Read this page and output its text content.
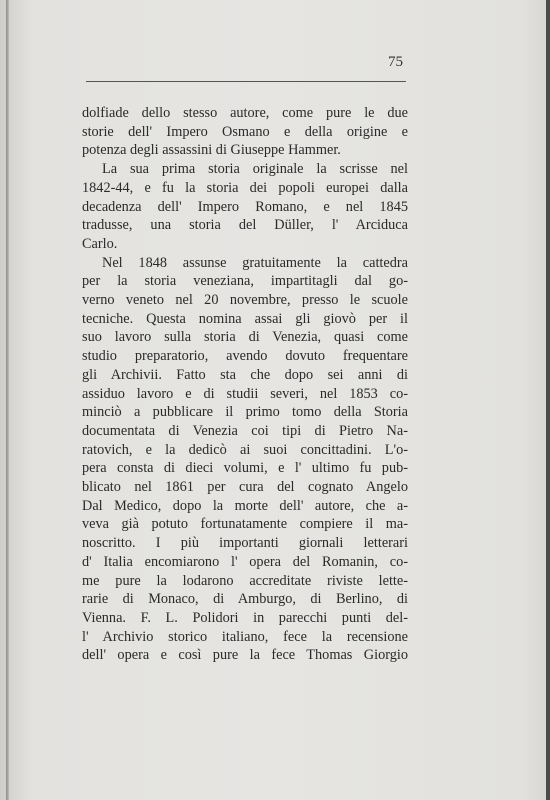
75
dolfiade dello stesso autore, come pure le due
storie dell' Impero Osmano e della origine e
potenza degli assassini di Giuseppe Hammer.
La sua prima storia originale la scrisse nel
1842-44, e fu la storia dei popoli europei dalla
decadenza dell' Impero Romano, e nel 1845
tradusse, una storia del Düller, l' Arciduca
Carlo.
Nel 1848 assunse gratuitamente la cattedra
per la storia veneziana, impartitagli dal go-
verno veneto nel 20 novembre, presso le scuole
tecniche. Questa nomina assai gli giovò per il
suo lavoro sulla storia di Venezia, quasi come
studio preparatorio, avendo dovuto frequentare
gli Archivii. Fatto sta che dopo sei anni di
assiduo lavoro e di studii severi, nel 1853 co-
minciò a pubblicare il primo tomo della Storia
documentata di Venezia coi tipi di Pietro Na-
ratovich, e la dedicò ai suoi concittadini. L'o-
pera consta di dieci volumi, e l' ultimo fu pub-
blicato nel 1861 per cura del cognato Angelo
Dal Medico, dopo la morte dell' autore, che a-
veva già potuto fortunatamente compiere il ma-
noscritto. I più importanti giornali letterari
d' Italia encomiarono l' opera del Romanin, co-
me pure la lodarono accreditate riviste lette-
rarie di Monaco, di Amburgo, di Berlino, di
Vienna. F. L. Polidori in parecchi punti del-
l' Archivio storico italiano, fece la recensione
dell' opera e così pure la fece Thomas Giorgio
